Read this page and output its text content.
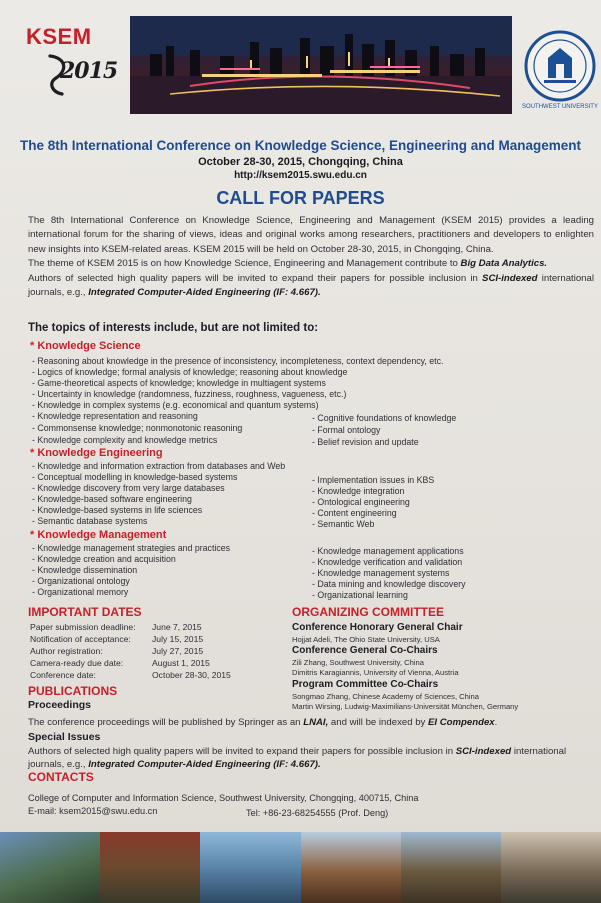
KSEM
2015
SOUTHWEST UNIVERSITY
The 8th International Conference on Knowledge Science, Engineering and Management
October 28-30, 2015, Chongqing, China
http://ksem2015.swu.edu.cn
CALL FOR PAPERS
The 8th International Conference on Knowledge Science, Engineering and Management (KSEM 2015) provides a leading international forum for the sharing of views, ideas and original works among researchers, practitioners and developers to enlighten new insights into KSEM-related areas. KSEM 2015 will be held on October 28-30, 2015, in Chongqing, China.
The theme of KSEM 2015 is on how Knowledge Science, Engineering and Management contribute to Big Data Analytics.
Authors of selected high quality papers will be invited to expand their papers for possible inclusion in SCI-indexed international journals, e.g., Integrated Computer-Aided Engineering (IF: 4.667).
The topics of interests include, but are not limited to:
* Knowledge Science
- Reasoning about knowledge in the presence of inconsistency, incompleteness, context dependency, etc.
- Logics of knowledge; formal analysis of knowledge; reasoning about knowledge
- Game-theoretical aspects of knowledge; knowledge in multiagent systems
- Uncertainty in knowledge (randomness, fuzziness, roughness, vagueness, etc.)
- Knowledge in complex systems (e.g. economical and quantum systems)
- Knowledge representation and reasoning
- Commonsense knowledge; nonmonotonic reasoning
- Knowledge complexity and knowledge metrics
- Cognitive foundations of knowledge
- Formal ontology
- Belief revision and update
* Knowledge Engineering
- Knowledge and information extraction from databases and Web
- Conceptual modelling in knowledge-based systems
- Knowledge discovery from very large databases
- Knowledge-based software engineering
- Knowledge-based systems in life sciences
- Semantic database systems
- Implementation issues in KBS
- Knowledge integration
- Ontological engineering
- Content engineering
- Semantic Web
* Knowledge Management
- Knowledge management strategies and practices
- Knowledge creation and acquisition
- Knowledge dissemination
- Organizational ontology
- Organizational memory
- Knowledge management applications
- Knowledge verification and validation
- Knowledge management systems
- Data mining and knowledge discovery
- Organizational learning
IMPORTANT DATES
Paper submission deadline: June 7, 2015
Notification of acceptance: July 15, 2015
Author registration:	July 27, 2015
Camera-ready due date:	August 1, 2015
Conference date:	October 28-30, 2015
ORGANIZING COMMITTEE
Conference Honorary General Chair
Hojjat Adeli, The Ohio State University, USA
Conference General Co-Chairs
Zili Zhang, Southwest University, China
Dimitris Karagiannis, University of Vienna, Austria
Program Committee Co-Chairs
Songmao Zhang, Chinese Academy of Sciences, China
Martin Wirsing, Ludwig-Maximilians-Universität München, Germany
PUBLICATIONS
Proceedings
The conference proceedings will be published by Springer as an LNAI, and will be indexed by EI Compendex.
Special Issues
Authors of selected high quality papers will be invited to expand their papers for possible inclusion in SCI-indexed international journals, e.g., Integrated Computer-Aided Engineering (IF: 4.667).
CONTACTS
College of Computer and Information Science, Southwest University, Chongqing, 400715, China
E-mail: ksem2015@swu.edu.cn	Tel: +86-23-68254555 (Prof. Deng)
